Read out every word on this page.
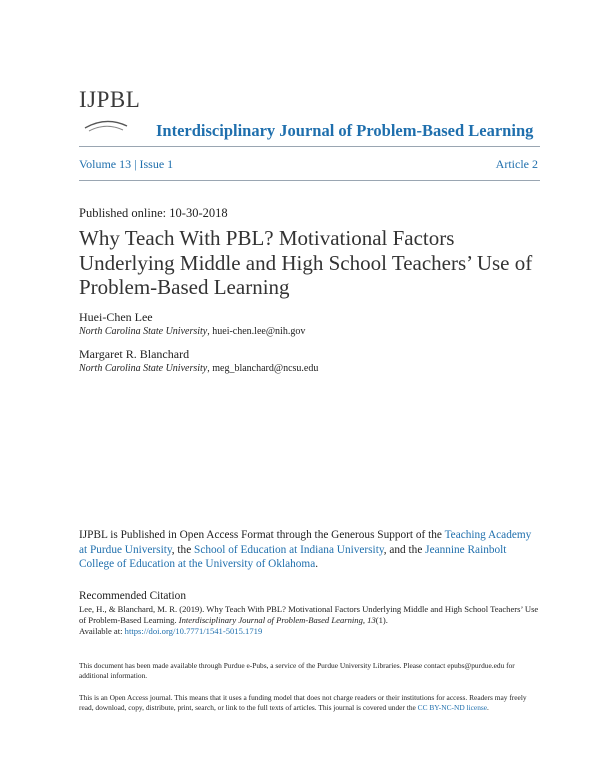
IJPBL
Interdisciplinary Journal of Problem-Based Learning
Volume 13 | Issue 1	Article 2
Published online: 10-30-2018
Why Teach With PBL? Motivational Factors Underlying Middle and High School Teachers’ Use of Problem-Based Learning
Huei-Chen Lee
North Carolina State University, huei-chen.lee@nih.gov
Margaret R. Blanchard
North Carolina State University, meg_blanchard@ncsu.edu
IJPBL is Published in Open Access Format through the Generous Support of the Teaching Academy at Purdue University, the School of Education at Indiana University, and the Jeannine Rainbolt College of Education at the University of Oklahoma.
Recommended Citation
Lee, H., & Blanchard, M. R. (2019). Why Teach With PBL? Motivational Factors Underlying Middle and High School Teachers’ Use of Problem-Based Learning. Interdisciplinary Journal of Problem-Based Learning, 13(1).
Available at: https://doi.org/10.7771/1541-5015.1719
This document has been made available through Purdue e-Pubs, a service of the Purdue University Libraries. Please contact epubs@purdue.edu for additional information.
This is an Open Access journal. This means that it uses a funding model that does not charge readers or their institutions for access. Readers may freely read, download, copy, distribute, print, search, or link to the full texts of articles. This journal is covered under the CC BY-NC-ND license.
